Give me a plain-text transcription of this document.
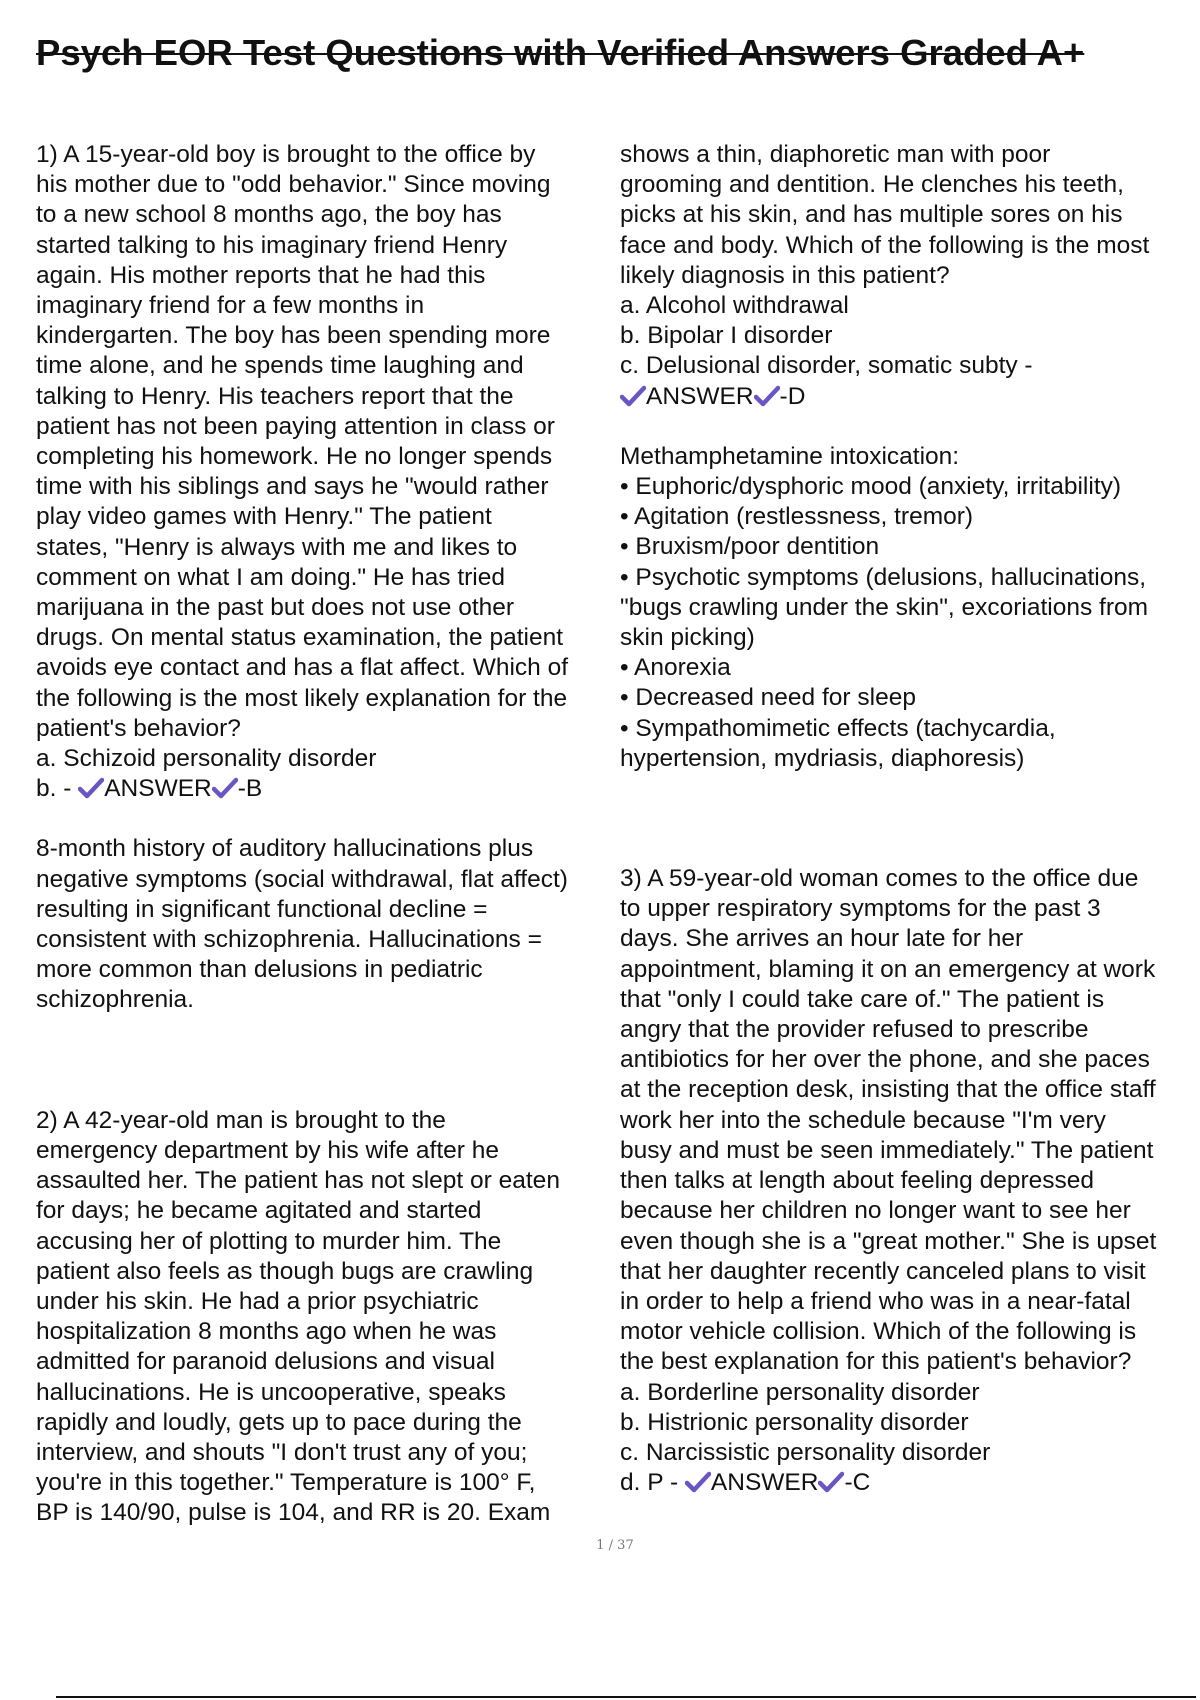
Psych EOR Test Questions with Verified Answers Graded A+
1) A 15-year-old boy is brought to the office by
his mother due to "odd behavior." Since moving
to a new school 8 months ago, the boy has
started talking to his imaginary friend Henry
again. His mother reports that he had this
imaginary friend for a few months in
kindergarten. The boy has been spending more
time alone, and he spends time laughing and
talking to Henry. His teachers report that the
patient has not been paying attention in class or
completing his homework. He no longer spends
time with his siblings and says he "would rather
play video games with Henry." The patient
states, "Henry is always with me and likes to
comment on what I am doing." He has tried
marijuana in the past but does not use other
drugs. On mental status examination, the patient
avoids eye contact and has a flat affect. Which of
the following is the most likely explanation for the
patient's behavior?
a. Schizoid personality disorder
b. - ANSWER -B
8-month history of auditory hallucinations plus
negative symptoms (social withdrawal, flat affect)
resulting in significant functional decline =
consistent with schizophrenia. Hallucinations =
more common than delusions in pediatric
schizophrenia.
2) A 42-year-old man is brought to the
emergency department by his wife after he
assaulted her. The patient has not slept or eaten
for days; he became agitated and started
accusing her of plotting to murder him. The
patient also feels as though bugs are crawling
under his skin. He had a prior psychiatric
hospitalization 8 months ago when he was
admitted for paranoid delusions and visual
hallucinations. He is uncooperative, speaks
rapidly and loudly, gets up to pace during the
interview, and shouts "I don't trust any of you;
you're in this together." Temperature is 100° F,
BP is 140/90, pulse is 104, and RR is 20. Exam
shows a thin, diaphoretic man with poor
grooming and dentition. He clenches his teeth,
picks at his skin, and has multiple sores on his
face and body. Which of the following is the most
likely diagnosis in this patient?
a. Alcohol withdrawal
b. Bipolar I disorder
c. Delusional disorder, somatic subty -
ANSWER -D
Methamphetamine intoxication:
• Euphoric/dysphoric mood (anxiety, irritability)
• Agitation (restlessness, tremor)
• Bruxism/poor dentition
• Psychotic symptoms (delusions, hallucinations,
"bugs crawling under the skin", excoriations from
skin picking)
• Anorexia
• Decreased need for sleep
• Sympathomimetic effects (tachycardia,
hypertension, mydriasis, diaphoresis)
3) A 59-year-old woman comes to the office due
to upper respiratory symptoms for the past 3
days. She arrives an hour late for her
appointment, blaming it on an emergency at work
that "only I could take care of." The patient is
angry that the provider refused to prescribe
antibiotics for her over the phone, and she paces
at the reception desk, insisting that the office staff
work her into the schedule because "I'm very
busy and must be seen immediately." The patient
then talks at length about feeling depressed
because her children no longer want to see her
even though she is a "great mother." She is upset
that her daughter recently canceled plans to visit
in order to help a friend who was in a near-fatal
motor vehicle collision. Which of the following is
the best explanation for this patient's behavior?
a. Borderline personality disorder
b. Histrionic personality disorder
c. Narcissistic personality disorder
d. P - ANSWER -C
1 / 37
